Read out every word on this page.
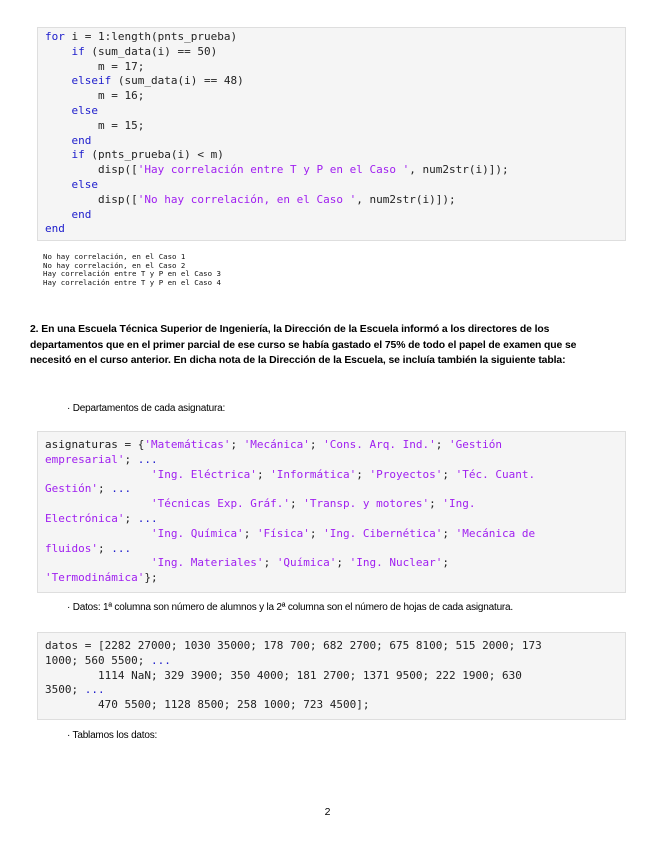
for i = 1:length(pnts_prueba)
if (sum_data(i) == 50)
m = 17;
elseif (sum_data(i) == 48)
m = 16;
else
m = 15;
end
if (pnts_prueba(i) < m)
disp(['Hay correlación entre T y P en el Caso ', num2str(i)]);
else
disp(['No hay correlación, en el Caso ', num2str(i)]);
end
end
No hay correlación, en el Caso 1
No hay correlación, en el Caso 2
Hay correlación entre T y P en el Caso 3
Hay correlación entre T y P en el Caso 4
2. En una Escuela Técnica Superior de Ingeniería, la Dirección de la Escuela informó a los directores de los departamentos que en el primer parcial de ese curso se había gastado el 75% de todo el papel de examen que se necesitó en el curso anterior. En dicha nota de la Dirección de la Escuela, se incluía también la siguiente tabla:
· Departamentos de cada asignatura:
asignaturas = {'Matemáticas'; 'Mecánica'; 'Cons. Arq. Ind.'; 'Gestión
empresarial'; ...
'Ing. Eléctrica'; 'Informática'; 'Proyectos'; 'Téc. Cuant.
Gestión'; ...
'Técnicas Exp. Gráf.'; 'Transp. y motores'; 'Ing.
Electrónica'; ...
'Ing. Química'; 'Física'; 'Ing. Cibernética'; 'Mecánica de
fluidos'; ...
'Ing. Materiales'; 'Química'; 'Ing. Nuclear';
'Termodinámica'};
· Datos: 1ª columna son número de alumnos y la 2ª columna son el número de hojas de cada asignatura.
datos = [2282 27000; 1030 35000; 178 700; 682 2700; 675 8100; 515 2000; 173
1000; 560 5500; ...
1114 NaN; 329 3900; 350 4000; 181 2700; 1371 9500; 222 1900; 630
3500; ...
470 5500; 1128 8500; 258 1000; 723 4500];
· Tablamos los datos:
2
